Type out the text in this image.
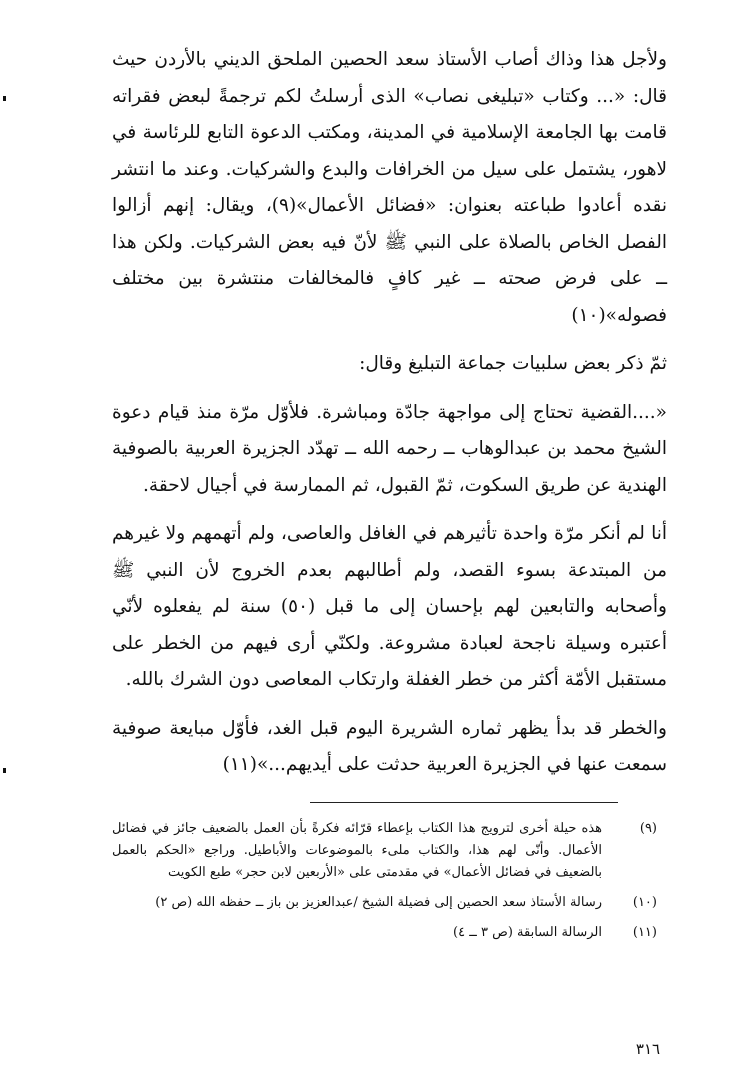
ولأجل هذا وذاك أصاب الأستاذ سعد الحصين الملحق الديني بالأردن حيث قال: «... وكتاب «تبليغى نصاب» الذى أرسلتُ لكم ترجمةً لبعض فقراته قامت بها الجامعة الإسلامية في المدينة، ومكتب الدعوة التابع للرئاسة في لاهور، يشتمل على سيل من الخرافات والبدع والشركيات. وعند ما انتشر نقده أعادوا طباعته بعنوان: «فضائل الأعمال»(٩)، ويقال: إنهم أزالوا الفصل الخاص بالصلاة على النبي ﷺ لأنّ فيه بعض الشركيات. ولكن هذا ــ على فرض صحته ــ غير كافٍ فالمخالفات منتشرة بين مختلف فصوله»(١٠)

ثمّ ذكر بعض سلبيات جماعة التبليغ وقال:

«....القضية تحتاج إلى مواجهة جادّة ومباشرة. فلأوّل مرّة منذ قيام دعوة الشيخ محمد بن عبدالوهاب ــ رحمه الله ــ تهدّد الجزيرة العربية بالصوفية الهندية عن طريق السكوت، ثمّ القبول، ثم الممارسة في أجيال لاحقة.

أنا لم أنكر مرّة واحدة تأثيرهم في الغافل والعاصى، ولم أتهمهم ولا غيرهم من المبتدعة بسوء القصد، ولم أطالبهم بعدم الخروج لأن النبي ﷺ وأصحابه والتابعين لهم بإحسان إلى ما قبل (٥٠) سنة لم يفعلوه لأنّي أعتبره وسيلة ناجحة لعبادة مشروعة. ولكنّي أرى فيهم من الخطر على مستقبل الأمّة أكثر من خطر الغفلة وارتكاب المعاصى دون الشرك بالله.

والخطر قد بدأ يظهر ثماره الشريرة اليوم قبل الغد، فأوّل مبايعة صوفية سمعت عنها في الجزيرة العربية حدثت على أيديهم...»(١١)

(٩)
هذه حيلة أخرى لترويج هذا الكتاب بإعطاء قرّائه فكرةً بأن العمل بالضعيف جائز في فضائل الأعمال. وأنّى لهم هذا، والكتاب ملىء بالموضوعات والأباطيل. وراجع «الحكم بالعمل بالضعيف في فضائل الأعمال» في مقدمتى على «الأربعين لابن حجر» طبع الكويت
(١٠)
رسالة الأستاذ سعد الحصين إلى فضيلة الشيخ /عبدالعزيز بن باز ــ حفظه الله (ص ٢)
(١١)
الرسالة السابقة (ص ٣ ــ ٤)
٣١٦
